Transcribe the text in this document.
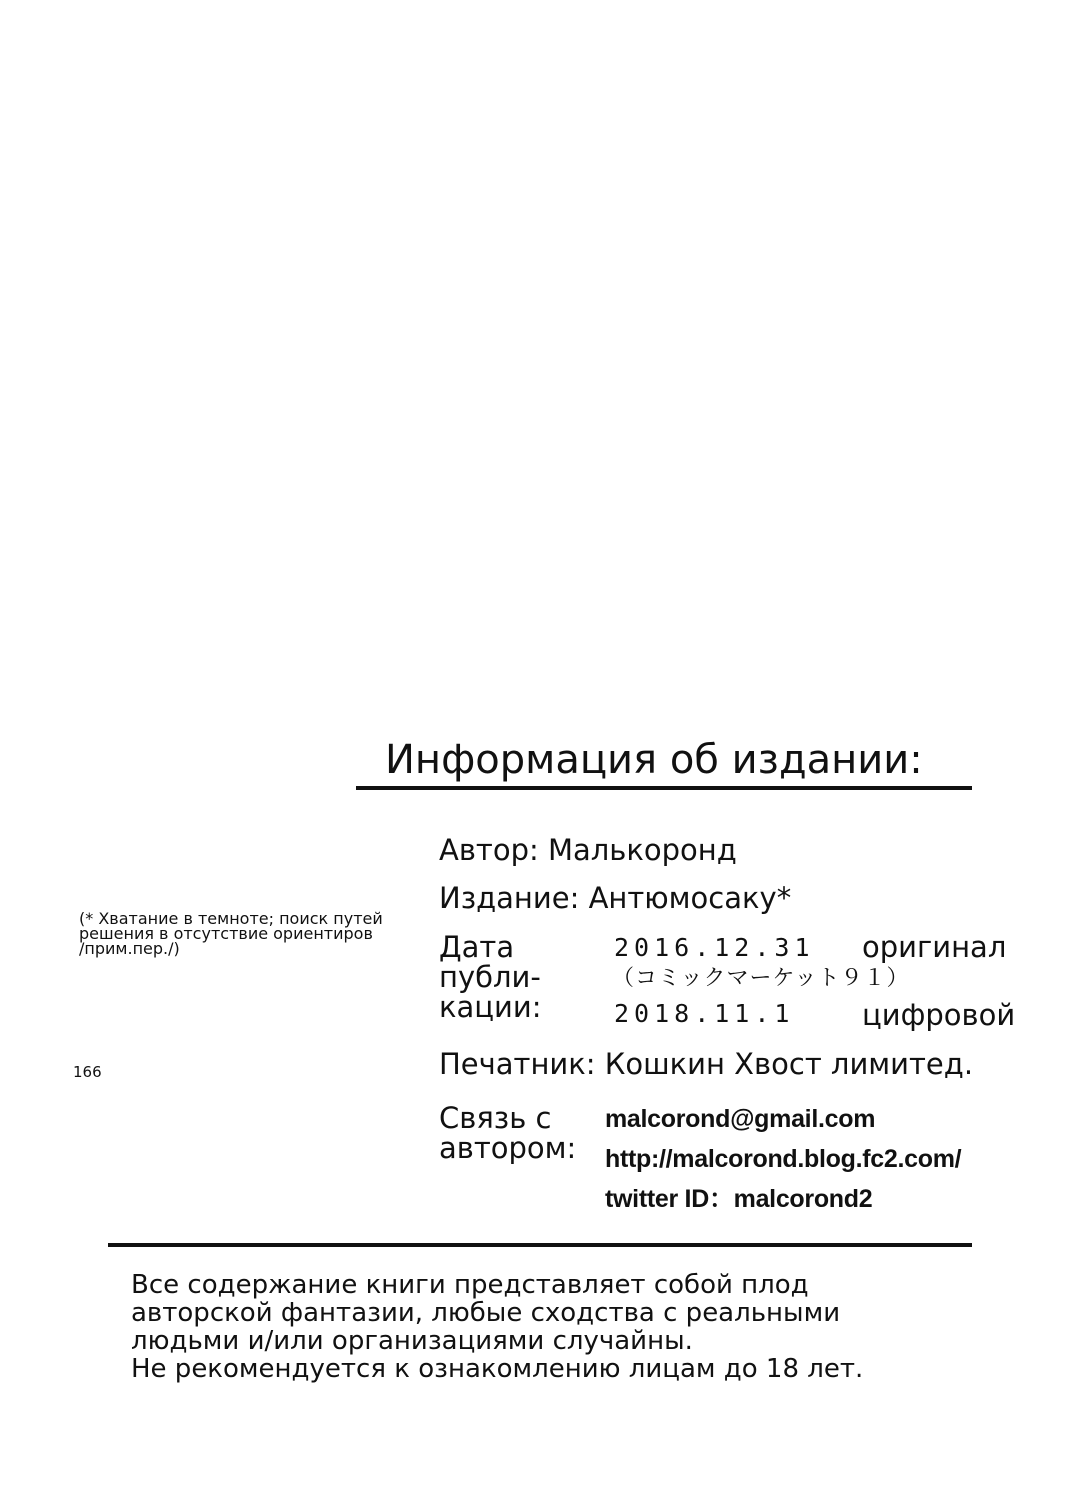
Информация об издании:
Автор: Малькоронд
Издание: Антюмосаку*
(* Хватание в темноте; поиск путей
решения в отсутствие ориентиров
/прим.пер./)	Дата
публи-
кации:
2016.12.31 оригинал
（コミックマーケット９１）
2018.11.1 цифровой
Печатник: Кошкин Хвост лимитед.
Связь с
автором:
malcorond@gmail.com
http://malcorond.blog.fc2.com/
twitter ID：malcorond2
Все содержание книги представляет собой плод
авторской фантазии, любые сходства с реальными
людьми и/или организациями случайны.
Не рекомендуется к ознакомлению лицам до 18 лет.
166
